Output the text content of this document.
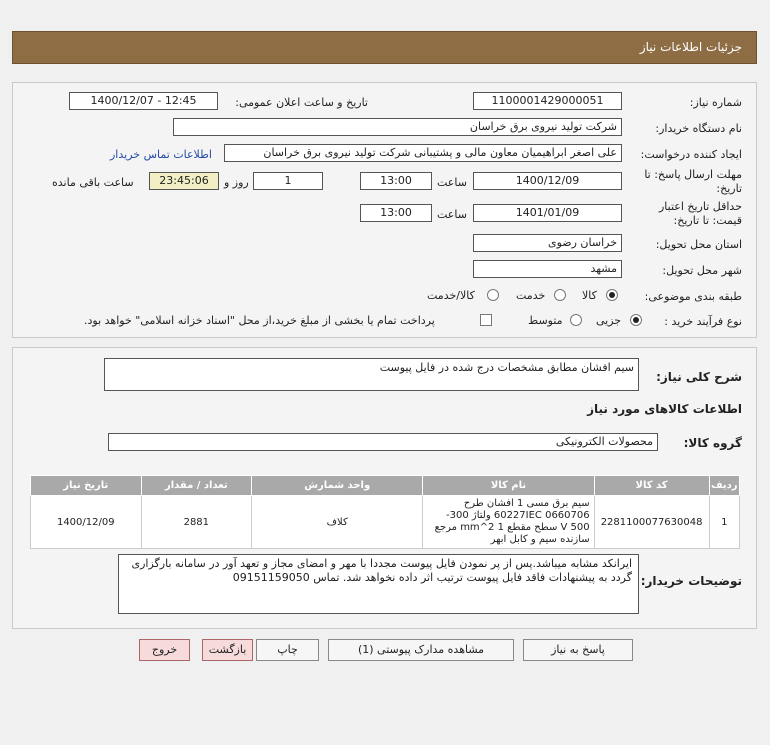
جزئيات اطلاعات نياز
شماره نياز:
1100001429000051
تاریخ و ساعت اعلان عمومی:
1400/12/07 - 12:45
نام دستگاه خریدار:
شرکت تولید نیروی برق خراسان
ایجاد کننده درخواست:
علی اصغر ابراهیمیان معاون مالی و پشتیبانی شرکت تولید نیروی برق خراسان
اطلاعات تماس خریدار
مهلت ارسال پاسخ: تا تاریخ:
1400/12/09
ساعت
13:00
1
روز و
23:45:06
ساعت باقی مانده
حداقل تاریخ اعتبار قیمت: تا تاریخ:
1401/01/09
ساعت
13:00
استان محل تحویل:
خراسان رضوی
شهر محل تحویل:
مشهد
طبقه بندی موضوعی:
کالا
خدمت
کالا/خدمت
نوع فرآیند خرید :
جزیی
متوسط
پرداخت تمام یا بخشی از مبلغ خرید،از محل "اسناد خزانه اسلامی" خواهد بود.
شرح کلی نیاز:
سیم افشان مطابق مشخصات درج شده در فایل پیوست
اطلاعات کالاهای مورد نیاز
گروه کالا:
محصولات الکترونیکی
ردیف	کد کالا	نام کالا	واحد شمارش	تعداد / مقدار	تاریخ نیاز
1	2281100077630048	سیم برق مسی 1 افشان طرح 60227IEC 0660706 ولتاژ 300-500 V سطح مقطع 1 mm^2 مرجع سازنده سیم و کابل ابهر	کلاف	2881	1400/12/09
توضیحات خریدار:
ایرانکد مشابه میباشد.پس از پر نمودن فایل پیوست مجددا با مهر و امضای مجاز و تعهد آور در سامانه بارگزاری گردد به پیشنهادات فاقد فایل پیوست ترتیب اثر داده نخواهد شد. تماس 09151159050
پاسخ به نیاز
مشاهده مدارک پیوستی (1)
چاپ
بازگشت
خروج
